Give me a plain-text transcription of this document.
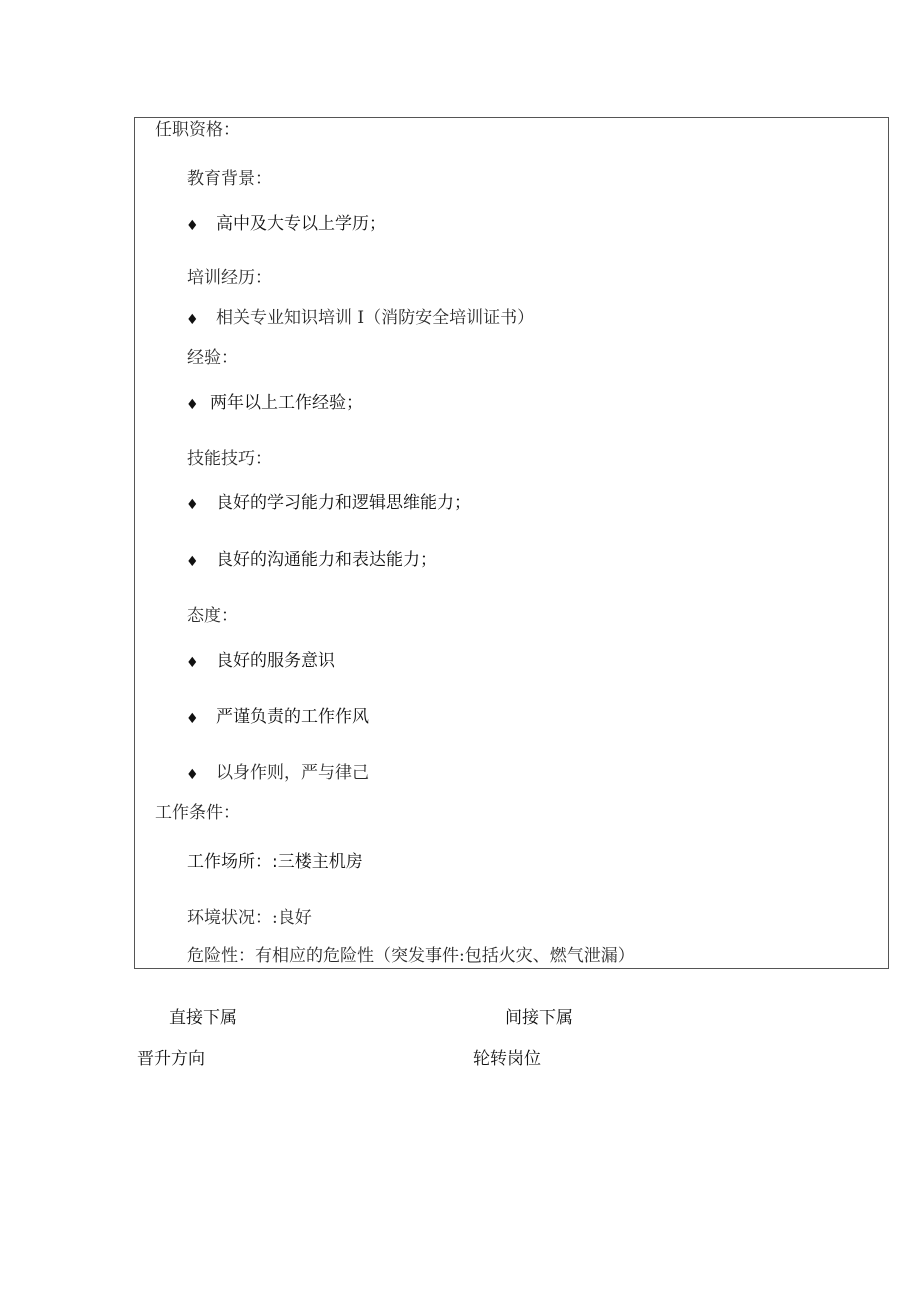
任职资格：
教育背景：
♦ 高中及大专以上学历；
培训经历：
♦ 相关专业知识培训 I（消防安全培训证书）
经验：
♦ 两年以上工作经验；
技能技巧：
♦ 良好的学习能力和逻辑思维能力；
♦ 良好的沟通能力和表达能力；
态度：
♦ 良好的服务意识
♦ 严谨负责的工作作风
♦ 以身作则，严与律己
工作条件：
工作场所：:三楼主机房
环境状况：:良好
危险性：有相应的危险性（突发事件:包括火灾、燃气泄漏）
直接下属	间接下属
晋升方向	轮转岗位
